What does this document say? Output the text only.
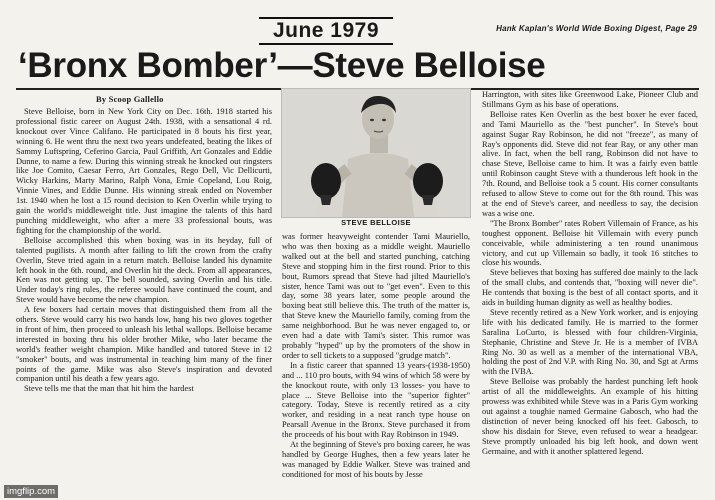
June 1979	Hank Kaplan's World Wide Boxing Digest, Page 29
‘Bronx Bomber’—Steve Belloise
By Scoop Gallello

Steve Belloise, born in New York City on Dec. 16th. 1918 started his professional fistic career on August 24th. 1938, with a sensational 4 rd. knockout over Vince Califano. He participated in 8 bouts his first year, winning 6. He went thru the next two years undefeated, beating the likes of Sammy Luftspring, Ceferino Garcia, Paul Griffith, Art Gonzales and Eddie Dunne, to name a few. During this winning streak he knocked out ringsters like Joe Comito, Caesar Ferro, Art Gonzales, Rego Dell, Vic Dellicurti, Wicky Harkins, Marty Marino, Ralph Vona, Ernie Copeland, Lou Roig, Vinnie Vines, and Eddie Dunne. His winning streak ended on November 1st. 1940 when he lost a 15 round decision to Ken Overlin while trying to gain the world's middleweight title. Just imagine the talents of this hard punching middleweight, who after a mere 33 professional bouts, was fighting for the championship of the world.

Belloise accomplished this when boxing was in its heyday, full of talented pugilists. A month after failing to lift the crown from the crafty Overlin, Steve tried again in a return match. Belloise landed his dynamite left hook in the 6th. round, and Overlin hit the deck. From all appearances, Ken was not getting up. The bell sounded, saving Overlin and his title. Under today's ring rules, the referee would have continued the count, and Steve would have become the new champion.

A few boxers had certain moves that distinguished them from all the others. Steve would carry his two hands low, hang his two gloves together in front of him, then proceed to unleash his lethal wallops. Belloise became interested in boxing thru his older brother Mike, who later became the world's feather weight champion. Mike handled and tutored Steve in 12 "smoker" bouts, and was instrumental in teaching him many of the finer points of the game. Mike was also Steve's inspiration and devoted companion until his death a few years ago.

Steve tells me that the man that hit him the hardest

STEVE BELLOISE

was former heavyweight contender Tami Mauriello, who was then boxing as a middle weight. Mauriello walked out at the bell and started punching, catching Steve and stopping him in the first round. Prior to this bout, Rumors spread that Steve had jilted Mauriello's sister, hence Tami was out to "get even". Even to this day, some 38 years later, some people around the boxing beat still believe this. The truth of the matter is, that Steve knew the Mauriello family, coming from the same neighborhood. But he was never engaged to, or even had a date with Tami's sister. This rumor was probably "hyped" up by the promoters of the show in order to sell tickets to a supposed "grudge match".

In a fistic career that spanned 13 years-(1938-1950) and ... 110 pro bouts, with 94 wins of which 58 were by the knockout route, with only 13 losses- you have to place ... Steve Belloise into the "superior fighter" category. Today, Steve is recently retired as a city worker, and residing in a neat ranch type house on Pearsall Avenue in the Bronx. Steve purchased it from the proceeds of his bout with Ray Robinson in 1949.

At the beginning of Steve's pro boxing career, he was handled by George Hughes, then a few years later he was managed by Eddie Walker. Steve was trained and conditioned for most of his bouts by Jesse

Harrington, with sites like Greenwood Lake, Pioneer Club and Stillmans Gym as his base of operations.

Belloise rates Ken Overlin as the best boxer he ever faced, and Tami Mauriello as the "best puncher". In Steve's bout against Sugar Ray Robinson, he did not "freeze", as many of Ray's opponents did. Steve did not fear Ray, or any other man alive. In fact, when the bell rang, Robinson did not have to chase Steve, Belloise came to him. It was a fairly even battle until Robinson caught Steve with a thunderous left hook in the 7th. Round, and Belloise took a 5 count. His corner consultants refused to allow Steve to come out for the 8th round. This was at the end of Steve's career, and needless to say, the decision was a wise one.

"The Bronx Bomber" rates Robert Villemain of France, as his toughest opponent. Belloise hit Villemain with every punch conceivable, while administering a ten round unanimous victory, and cut up Villemain so badly, it took 16 stitches to close his wounds.

Steve believes that boxing has suffered doe mainly to the lack of the small clubs, and contends that, "boxing will never die". He contends that boxing is the best of all contact sports, and it aids in building human dignity as well as healthy bodies.

Steve recently retired as a New York worker, and is enjoying life with his dedicated family. He is married to the former Saralina LoCurto, is blessed with four children-Virginia, Stephanie, Christine and Steve Jr. He is a member of IVBA Ring No. 30 as well as a member of the international VBA, holding the post of 2nd V.P. with Ring No. 30, and Sgt at Arms with the IVBA.

Steve Belloise was probably the hardest punching left hook artist of all the middleweights. An example of his hitting prowess was exhibited while Steve was in a Paris Gym working out against a toughie named Germaine Gabosch, who had the distinction of never being knocked off his feet. Gabosch, to show his disdain for Steve, even refused to wear a headgear. Steve promptly unloaded his big left hook, and down went Germaine, and with it another splattered legend.

imgflip.com
